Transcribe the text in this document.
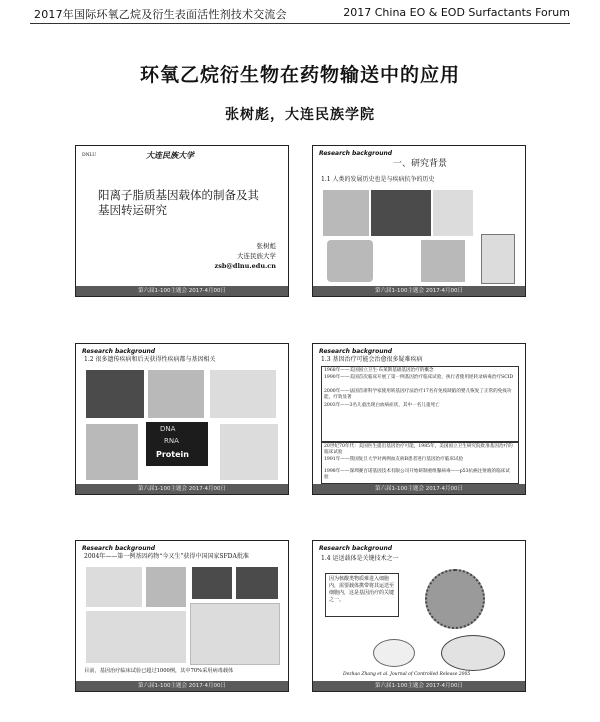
2017年国际环氧乙烷及衍生表面活性剂技术交流会	2017 China EO & EOD Surfactants Forum
环氧乙烷衍生物在药物输送中的应用
张树彪，大连民族学院
DNLU	大连民族大学
阳离子脂质基因载体的制备及其基因转运研究
张树彪
大连民族大学
zsb@dlnu.edu.cn
第六届1-100主题会 2017·4月00日
Research background
一、研究背景
1.1 人类的发展历史也是与疾病抗争的历史
第六届1-100主题会 2017·4月00日
Research background
1.2 很多遗传疾病和后天获得性疾病都与基因相关
DNA
RNA
Protein
第六届1-100主题会 2017·4月00日
Research background
1.3 基因治疗可能会治愈很多疑难疾病
1968年——美国国立卫生·布莱斯基础基因治疗的概念
1990年——美国首次临床开展了第一例基因治疗临床试验，执行者使用逆转录病毒治疗SCID
2000年——法国首席科学家使用转基因疗法治疗17名有免疫缺陷的婴儿恢复了正常的免疫功能，疗效显著
2003年——3名儿童出现白血病症状，其中一名儿童死亡
20世纪70年代：美国医生提出基因治疗可能，1985年，美国国立卫生研究院批准基因治疗的临床试验
1991年——我国复旦大学对两例血友病B患者进行基因治疗临床试验
1998年——深圳赛百诺基因技术有限公司开始研制重组腺病毒——p53抗癌注射液的临床试验
第六届1-100主题会 2017·4月00日
Research background
2004年——第一例基因药物“今又生”获得中国国家SFDA批准
目前，基因治疗临床试验已超过1000例，其中70%采用病毒载体
第六届1-100主题会 2017·4月00日
Research background
1.4 运送载体是关键技术之一
因为核酸类物质难进入细胞内，需要载体携带将其运送至细胞内，这是基因治疗的关键之一。
Dezhao Zhang et al. Journal of Controlled Release 2005
第六届1-100主题会 2017·4月00日
